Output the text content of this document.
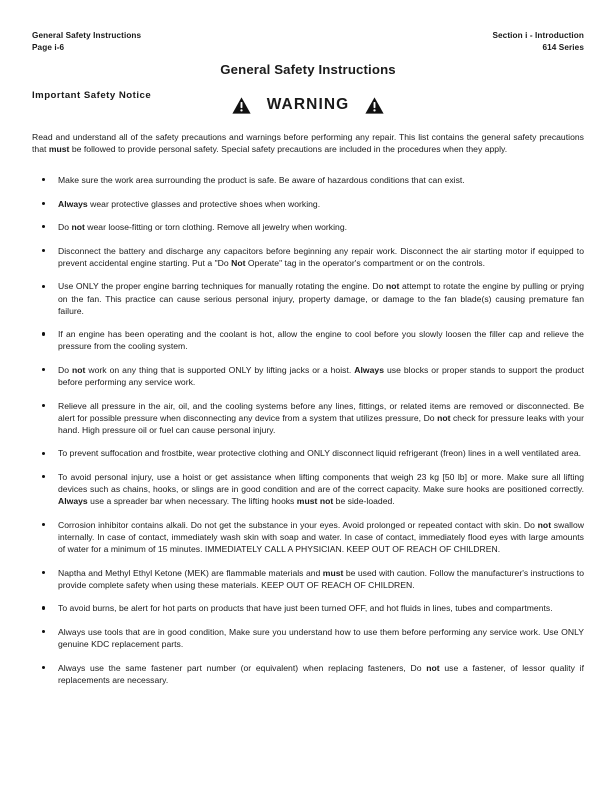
General Safety Instructions
Page i-6
Section i - Introduction
614 Series
General Safety Instructions
Important Safety Notice
WARNING
Read and understand all of the safety precautions and warnings before performing any repair. This list contains the general safety precautions that must be followed to provide personal safety. Special safety precautions are included in the procedures when they apply.
Make sure the work area surrounding the product is safe. Be aware of hazardous conditions that can exist.
Always wear protective glasses and protective shoes when working.
Do not wear loose-fitting or torn clothing. Remove all jewelry when working.
Disconnect the battery and discharge any capacitors before beginning any repair work. Disconnect the air starting motor if equipped to prevent accidental engine starting. Put a "Do Not Operate" tag in the operator's compartment or on the controls.
Use ONLY the proper engine barring techniques for manually rotating the engine. Do not attempt to rotate the engine by pulling or prying on the fan. This practice can cause serious personal injury, property damage, or damage to the fan blade(s) causing premature fan failure.
If an engine has been operating and the coolant is hot, allow the engine to cool before you slowly loosen the filler cap and relieve the pressure from the cooling system.
Do not work on any thing that is supported ONLY by lifting jacks or a hoist. Always use blocks or proper stands to support the product before performing any service work.
Relieve all pressure in the air, oil, and the cooling systems before any lines, fittings, or related items are removed or disconnected. Be alert for possible pressure when disconnecting any device from a system that utilizes pressure, Do not check for pressure leaks with your hand. High pressure oil or fuel can cause personal injury.
To prevent suffocation and frostbite, wear protective clothing and ONLY disconnect liquid refrigerant (freon) lines in a well ventilated area.
To avoid personal injury, use a hoist or get assistance when lifting components that weigh 23 kg [50 lb] or more. Make sure all lifting devices such as chains, hooks, or slings are in good condition and are of the correct capacity. Make sure hooks are positioned correctly. Always use a spreader bar when necessary. The lifting hooks must not be side-loaded.
Corrosion inhibitor contains alkali. Do not get the substance in your eyes. Avoid prolonged or repeated contact with skin. Do not swallow internally. In case of contact, immediately wash skin with soap and water. In case of contact, immediately flood eyes with large amounts of water for a minimum of 15 minutes. IMMEDIATELY CALL A PHYSICIAN. KEEP OUT OF REACH OF CHILDREN.
Naptha and Methyl Ethyl Ketone (MEK) are flammable materials and must be used with caution. Follow the manufacturer's instructions to provide complete safety when using these materials. KEEP OUT OF REACH OF CHILDREN.
To avoid burns, be alert for hot parts on products that have just been turned OFF, and hot fluids in lines, tubes and compartments.
Always use tools that are in good condition, Make sure you understand how to use them before performing any service work. Use ONLY genuine KDC replacement parts.
Always use the same fastener part number (or equivalent) when replacing fasteners, Do not use a fastener, of lessor quality if replacements are necessary.
